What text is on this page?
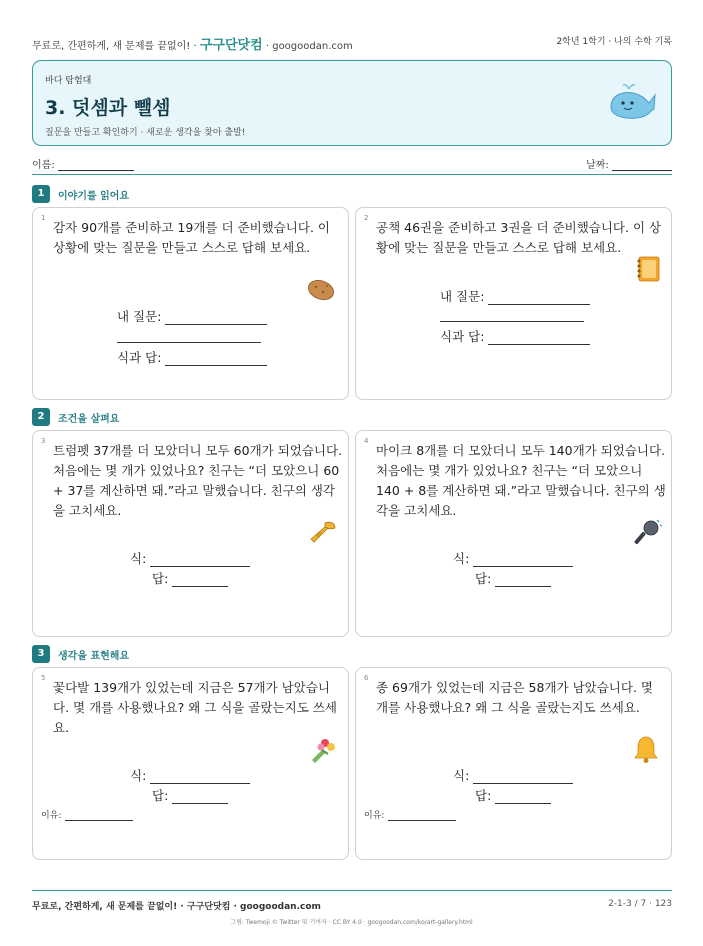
무료로, 간편하게, 새 문제를 끝없이! · 구구단닷컴 · googoodan.com	2학년 1학기 · 나의 수학 기록
바다 탐험대
3. 덧셈과 뺄셈
질문을 만들고 확인하기 · 새로운 생각을 찾아 출발!
이름:	날짜:
1	이야기를 읽어요
1
감자 90개를 준비하고 19개를 더 준비했습니다. 이 상황에 맞는 질문을 만들고 스스로 답해 보세요.
내 질문:
식과 답:
2
공책 46권을 준비하고 3권을 더 준비했습니다. 이 상황에 맞는 질문을 만들고 스스로 답해 보세요.
내 질문:
식과 답:
2	조건을 살펴요
3
트럼펫 37개를 더 모았더니 모두 60개가 되었습니다. 처음에는 몇 개가 있었나요? 친구는 “더 모았으니 60 + 37를 계산하면 돼.”라고 말했습니다. 친구의 생각을 고치세요.
식:
답:
4
마이크 8개를 더 모았더니 모두 140개가 되었습니다. 처음에는 몇 개가 있었나요? 친구는 “더 모았으니 140 + 8를 계산하면 돼.”라고 말했습니다. 친구의 생각을 고치세요.
식:
답:
3	생각을 표현해요
5
꽃다발 139개가 있었는데 지금은 57개가 남았습니다. 몇 개를 사용했나요? 왜 그 식을 골랐는지도 쓰세요.
식:
답:
이유:
6
종 69개가 있었는데 지금은 58개가 남았습니다. 몇 개를 사용했나요? 왜 그 식을 골랐는지도 쓰세요.
식:
답:
이유:
무료로, 간편하게, 새 문제를 끝없이! · 구구단닷컴 · googoodan.com	2-1-3 / 7 · 123
그림: Twemoji © Twitter 및 기여자 · CC BY 4.0 · googoodan.com/ko/art-gallery.html
